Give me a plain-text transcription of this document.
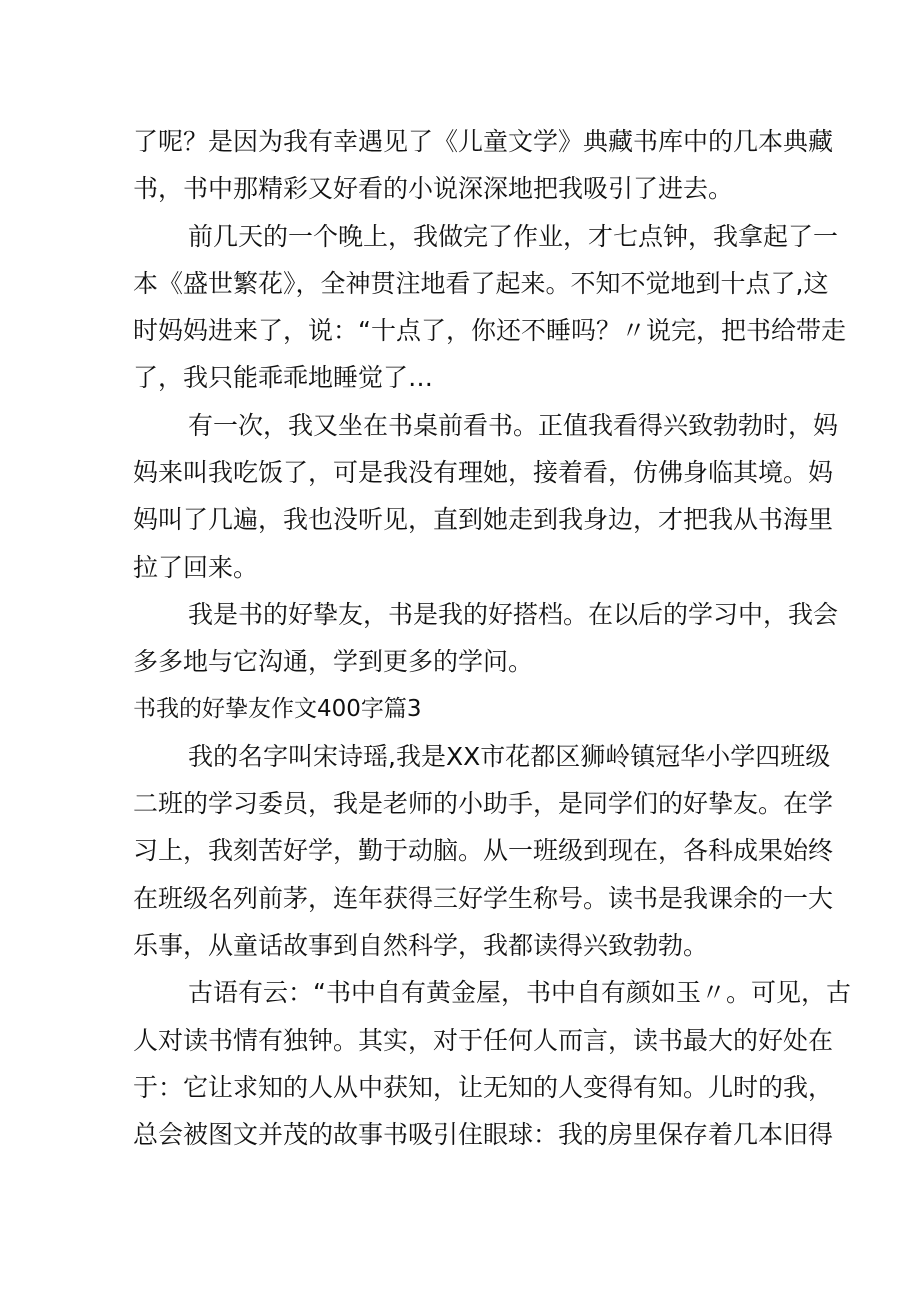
了呢？是因为我有幸遇见了《儿童文学》典藏书库中的几本典藏
书，书中那精彩又好看的小说深深地把我吸引了进去。
前几天的一个晚上，我做完了作业，才七点钟，我拿起了一
本《盛世繁花》，全神贯注地看了起来。不知不觉地到十点了,这
时妈妈进来了，说：“十点了，你还不睡吗？〃说完，把书给带走
了，我只能乖乖地睡觉了…
有一次，我又坐在书桌前看书。正值我看得兴致勃勃时，妈
妈来叫我吃饭了，可是我没有理她，接着看，仿佛身临其境。妈
妈叫了几遍，我也没听见，直到她走到我身边，才把我从书海里
拉了回来。
我是书的好挚友，书是我的好搭档。在以后的学习中，我会
多多地与它沟通，学到更多的学问。
书我的好挚友作文400字篇3
我的名字叫宋诗瑶,我是XX市花都区狮岭镇冠华小学四班级
二班的学习委员，我是老师的小助手，是同学们的好挚友。在学
习上，我刻苦好学，勤于动脑。从一班级到现在，各科成果始终
在班级名列前茅，连年获得三好学生称号。读书是我课余的一大
乐事，从童话故事到自然科学，我都读得兴致勃勃。
古语有云：“书中自有黄金屋，书中自有颜如玉〃。可见，古
人对读书情有独钟。其实，对于任何人而言，读书最大的好处在
于：它让求知的人从中获知，让无知的人变得有知。儿时的我，
总会被图文并茂的故事书吸引住眼球：我的房里保存着几本旧得
